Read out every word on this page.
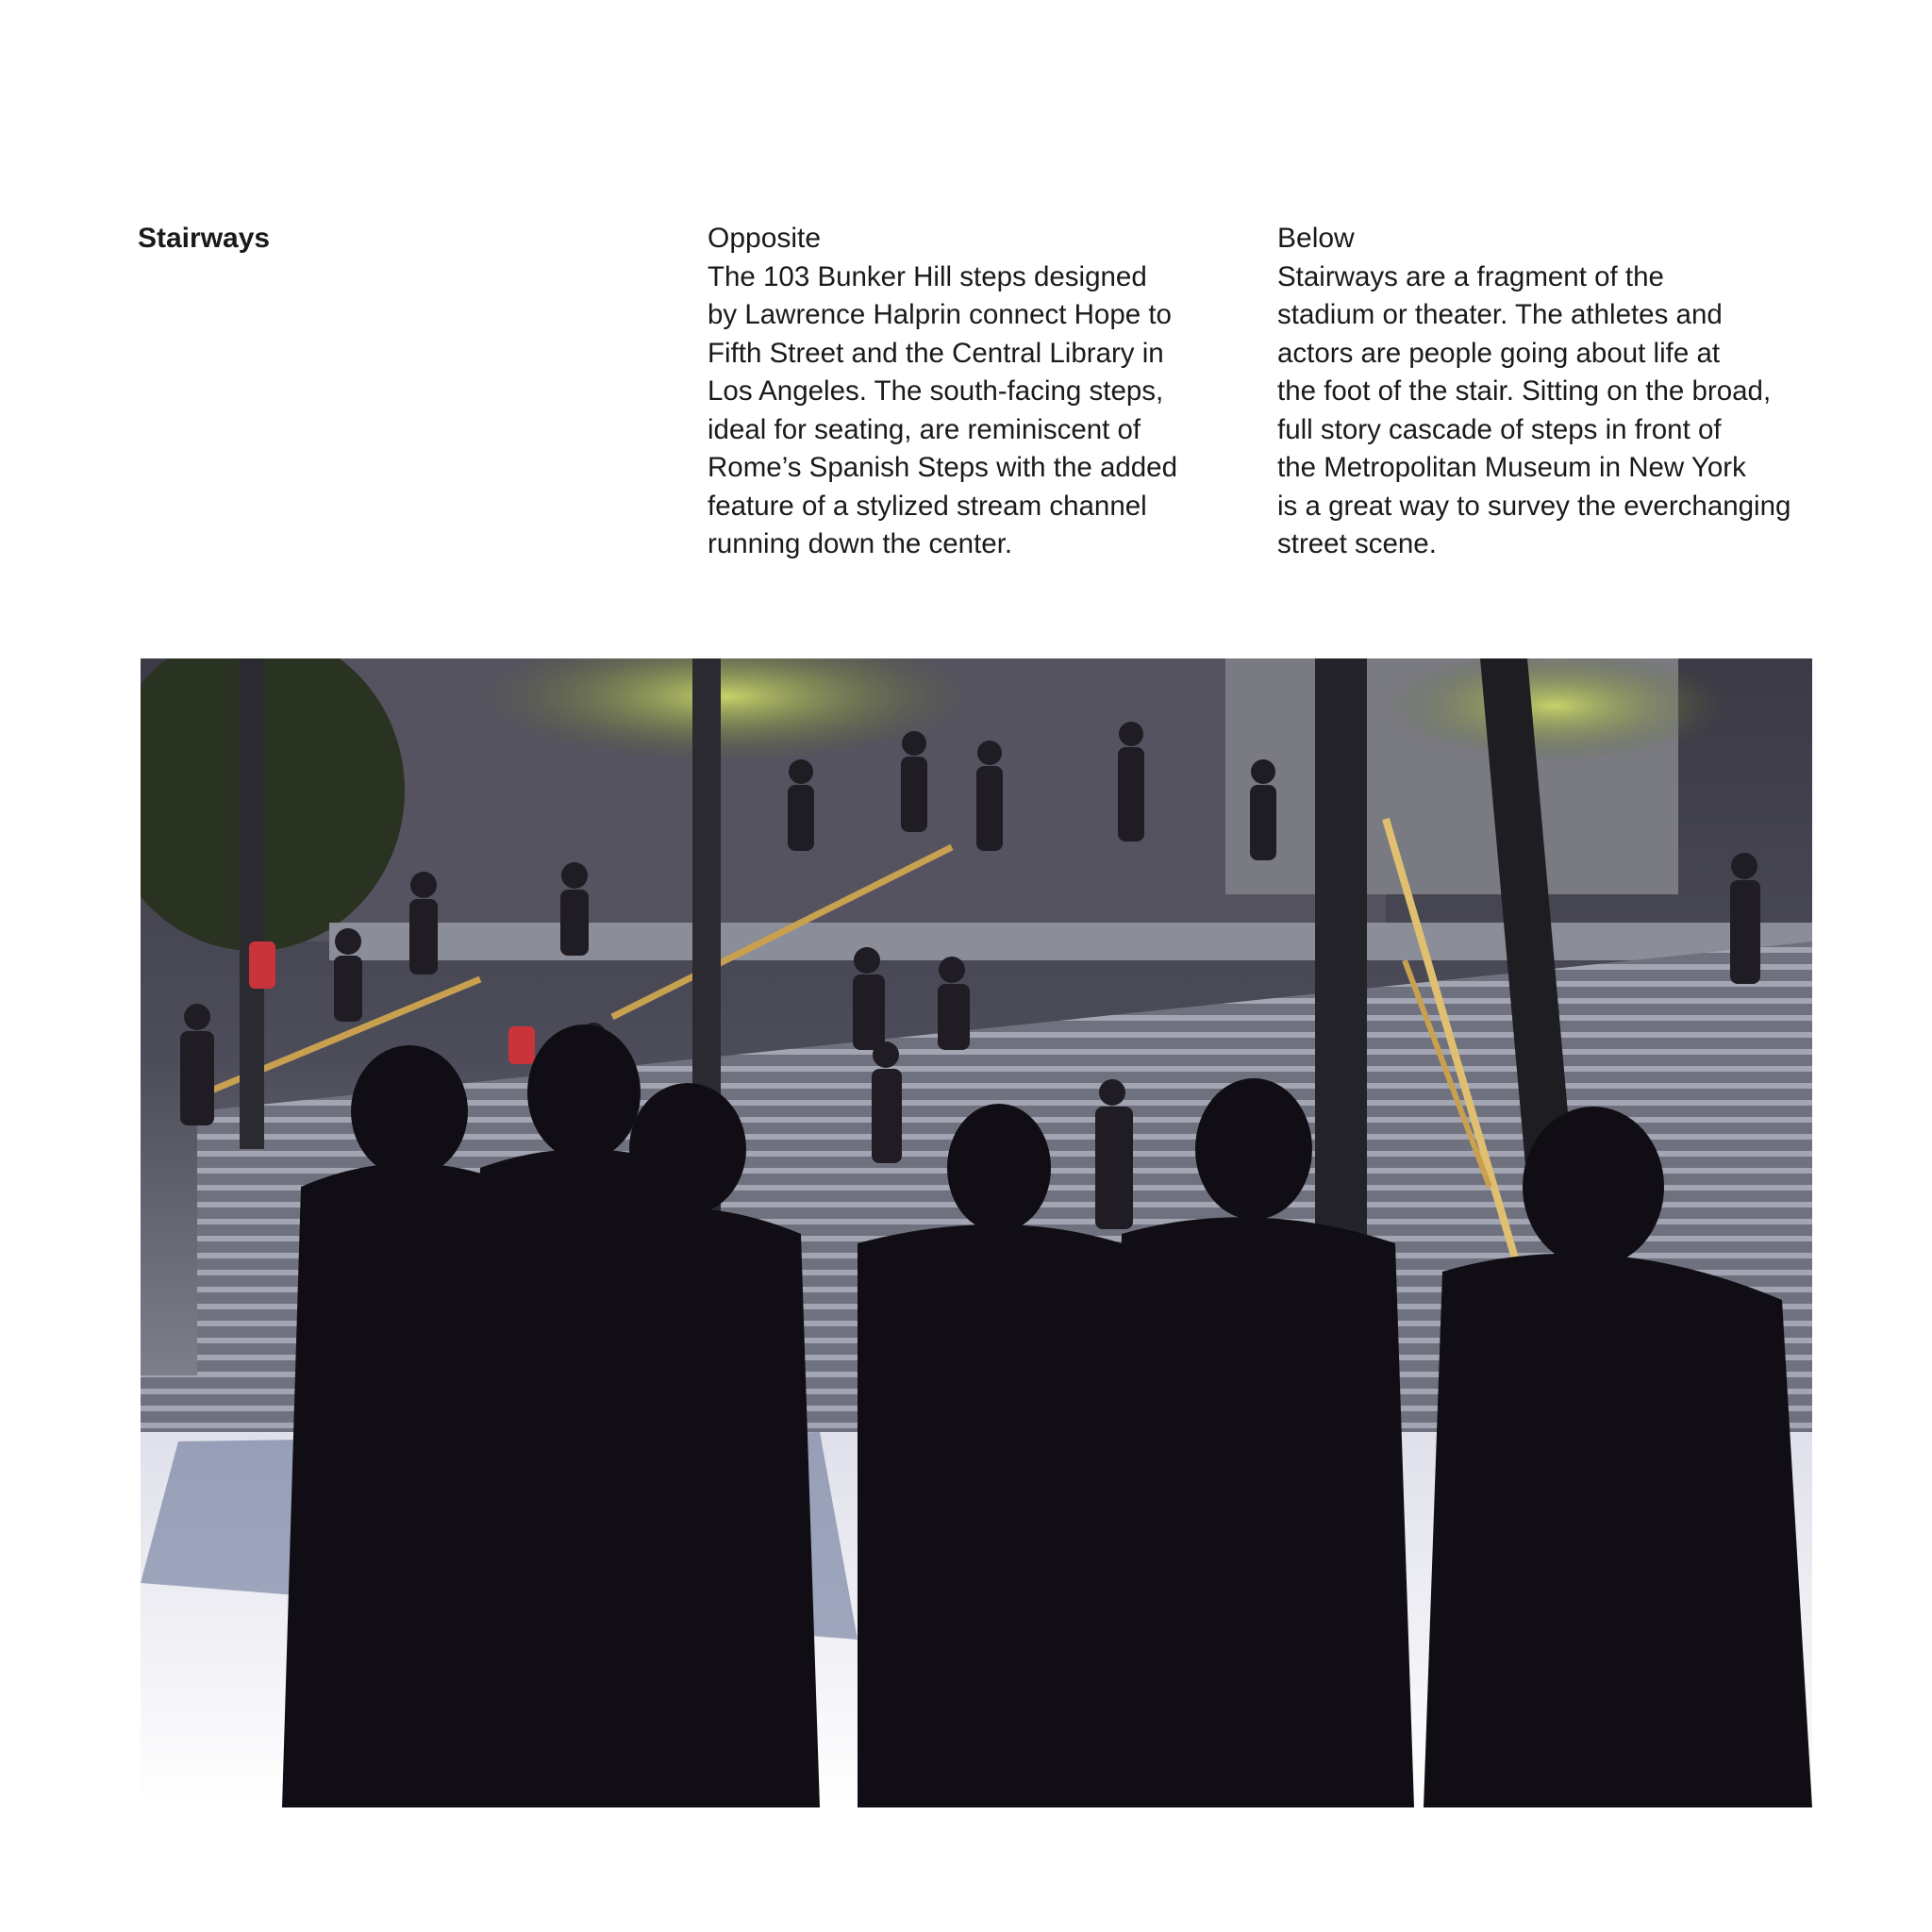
Stairways	Opposite

The 103 Bunker Hill steps designed
by Lawrence Halprin connect Hope to
Fifth Street and the Central Library in
Los Angeles. The south-facing steps,
ideal for seating, are reminiscent of
Rome’s Spanish Steps with the added
feature of a stylized stream channel
running down the center.

Below

Stairways are a fragment of the
stadium or theater. The athletes and
actors are people going about life at
the foot of the stair. Sitting on the broad,
full story cascade of steps in front of
the Metropolitan Museum in New York
is a great way to survey the everchanging
street scene.
